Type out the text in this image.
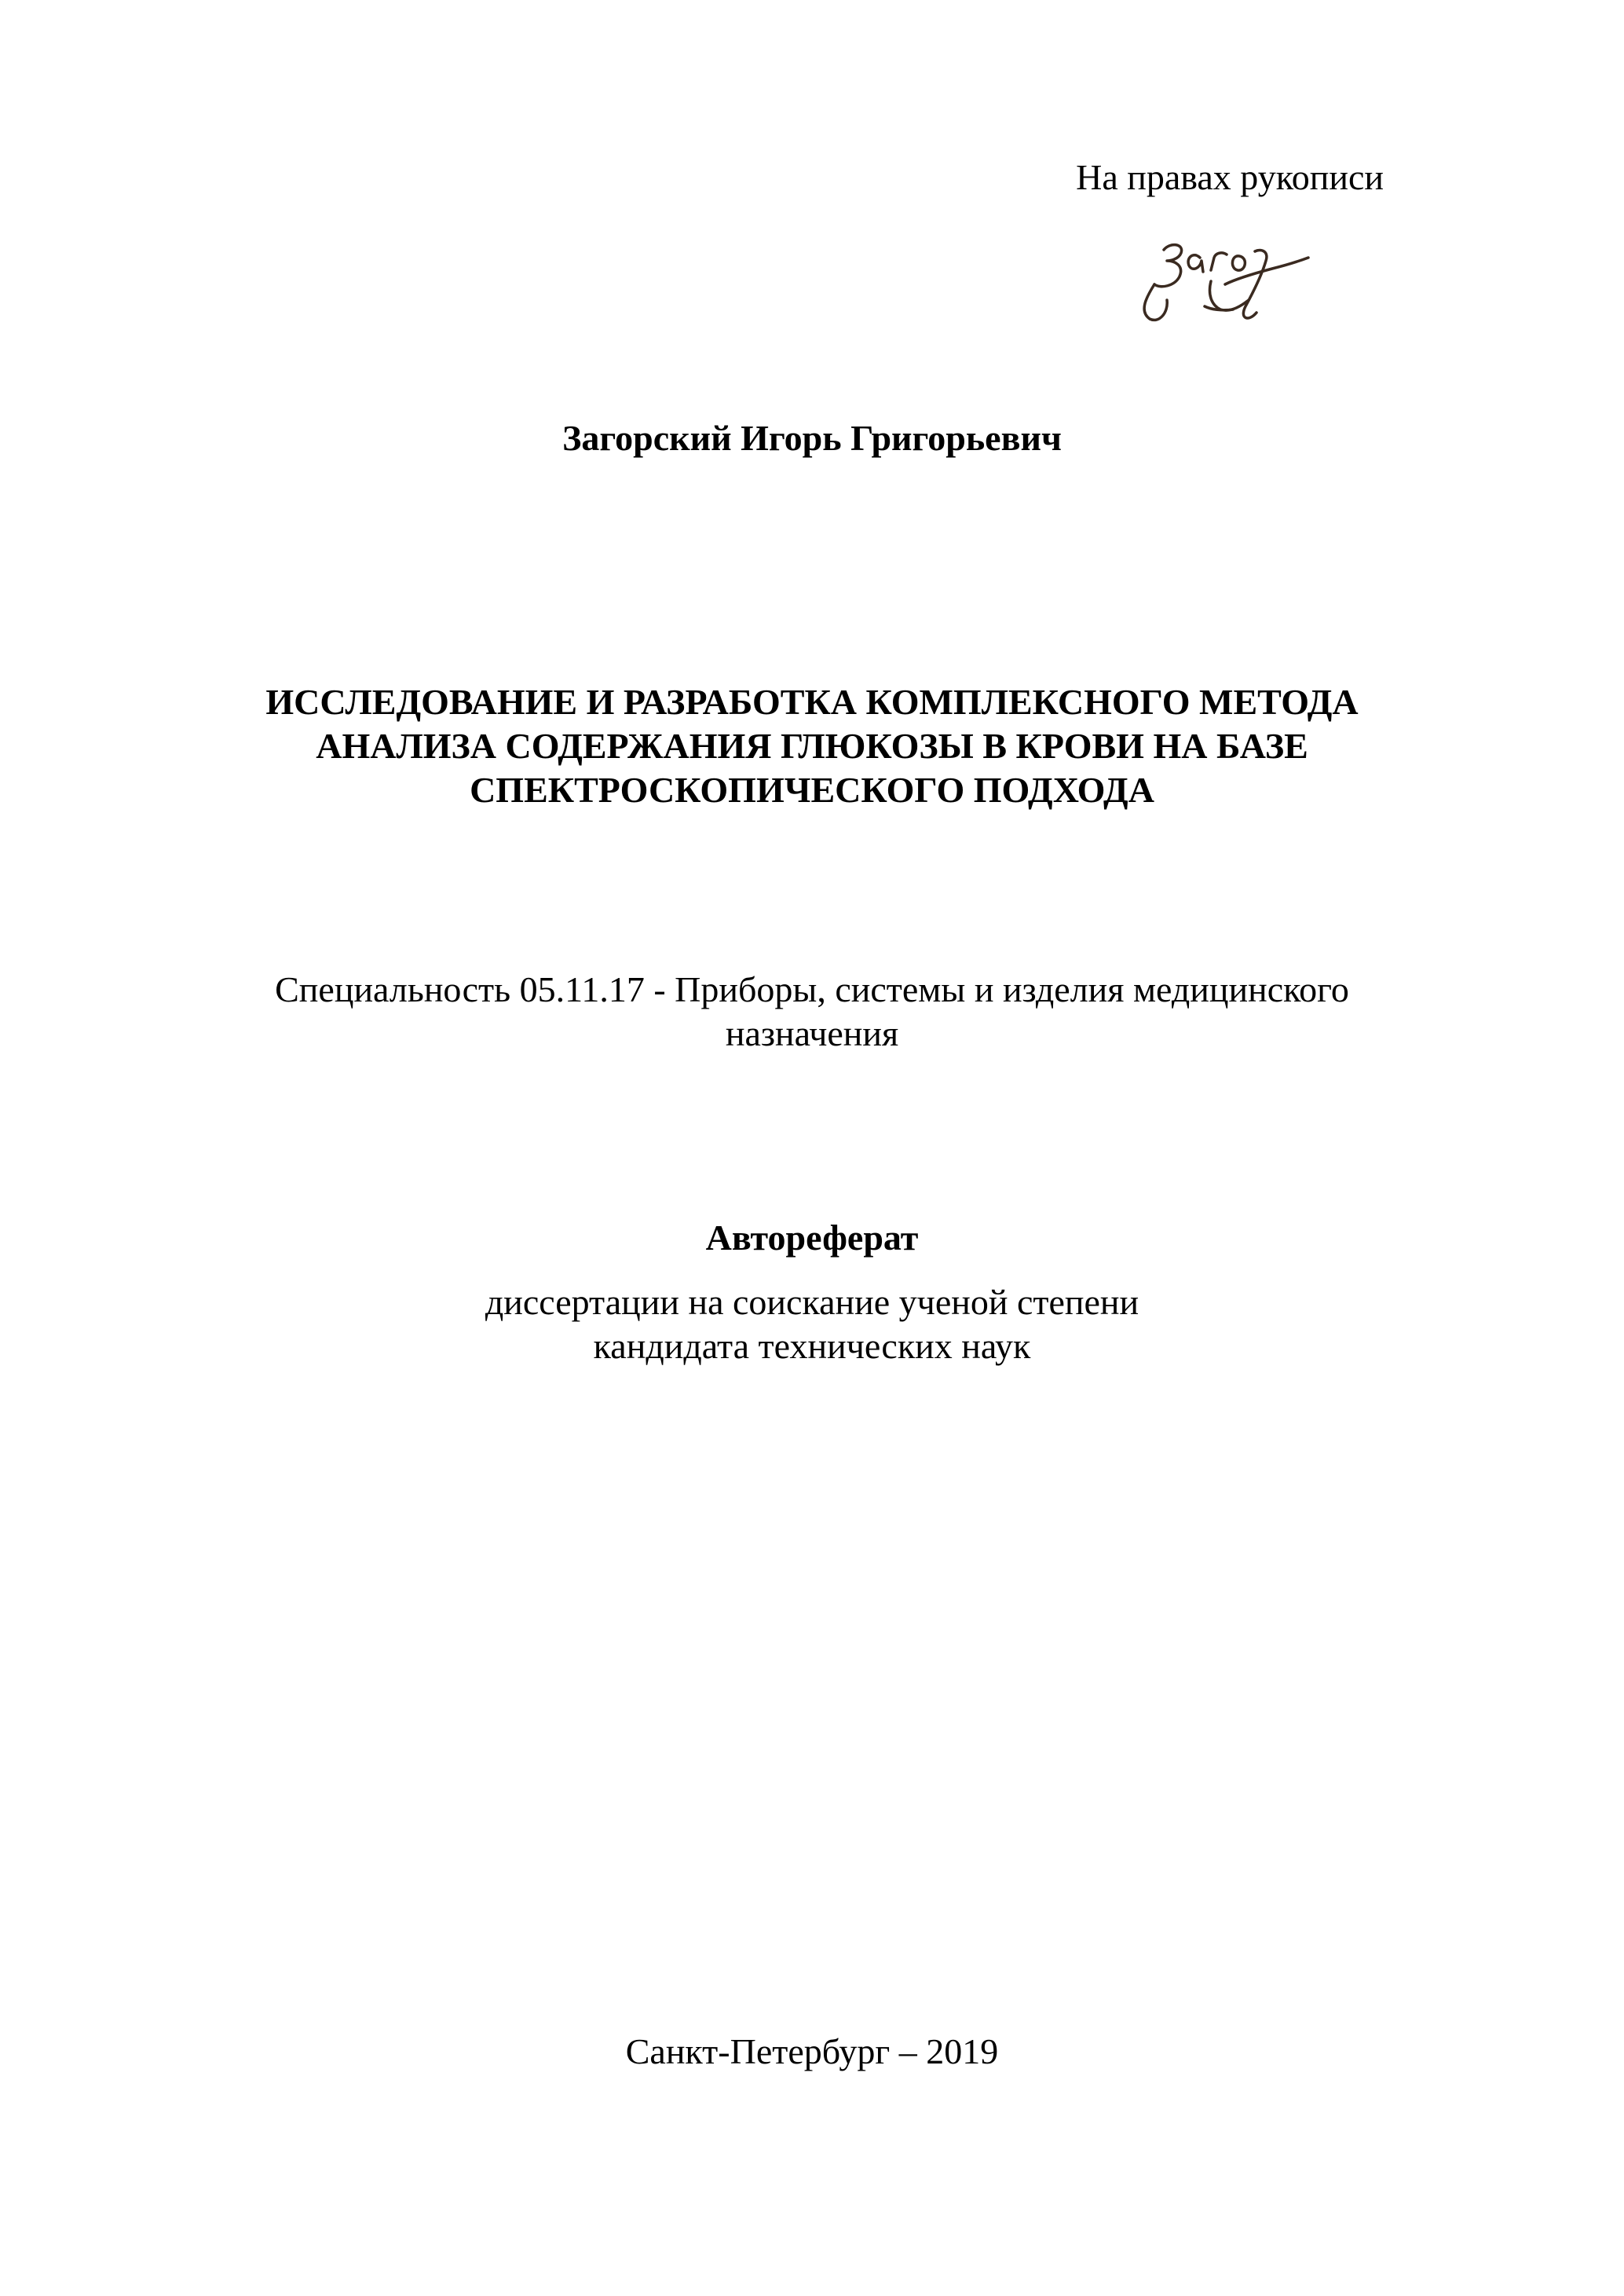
На правах рукописи
Загорский Игорь Григорьевич
ИССЛЕДОВАНИЕ И РАЗРАБОТКА КОМПЛЕКСНОГО МЕТОДА
АНАЛИЗА СОДЕРЖАНИЯ ГЛЮКОЗЫ В КРОВИ НА БАЗЕ
СПЕКТРОСКОПИЧЕСКОГО ПОДХОДА
Специальность 05.11.17 - Приборы, системы и изделия медицинского
назначения
Автореферат
диссертации на соискание ученой степени
кандидата технических наук
Санкт-Петербург – 2019
